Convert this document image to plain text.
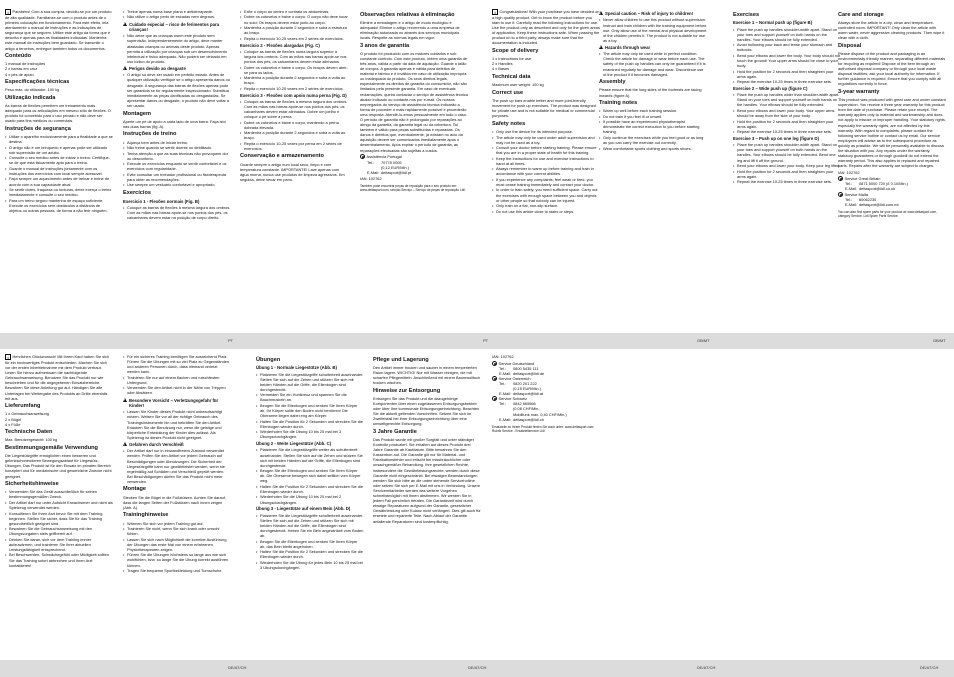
i Parabéns! Com a sua compra, decidiu-se por um produto de alta qualidade. Familiarize-se com o produto antes de o primeiro colocação em funcionamento. Para este efeito, leia atentamente o manual de instruções e as indicações de segurança que se seguem. Utilize este artigo da forma que é descrita e apenas para as finalidades indicadas. Mantenha este manual de instruções bem guardado. Se transmitir o artigo a terceiros, entregue também todos os documentos.

Conteúdo
1 manual de instruções
2 x barras em cruz
4 x pés de apoio
Especificações técnicas

Peso máx. do utilizador: 100 kg

Utilização indicada

As barras de flexões permitem um treinamento mais adequado para os articulações em mesmo sítio de flexões. O produto foi concebido para o uso privado e não deve ser usado para fins médicos ou comerciais.

Instruções de segurança
• Utilize o aparelho exclusivamente para a finalidade a que se destina.
• O artigo não é um brinquedo e apenas pode ser utilizado sob supervisão de um adulto.
• Consulte o seu médico antes de iniciar o treino. Certifique-se de que está fisicamente apto para o treino.
• Guarde o manual de instruções juntamente com os instruções dos exercícios com local sempre acessível.
• Faça sempre um aquecimento antes de treinar e treine de acordo com a sua capacidade atual.
• Se sentir dores, fraqueza ou tonturas, deixe exerça o treino imediatamente e consulte o seu médico.
• Para um treino seguro mantenha de espaço suficiente. Execute os exercícios sem obstáculos à distância de objetos ou outras pessoas, de forma a não ferir ninguém.
• Treine apenas numa base plana e antiderrapante.
• Não utilize o artigo perto de escadas nem degraus.
!
Cuidado especial – risco de ferimentos para crianças!
• Não deixe que as crianças usem este produto sem supervisão. Independentemente do artigo, deve manter afastadas crianças ou animais deste produto. Apenas permita a utilização por crianças sob um desenvolvimento intelectual e físico adequado. Não poderá ser deixado em uso lúdico do produto.
!
Perigos devido ao desgaste
• O artigo só deve ser usado em perfeito estado. Antes de qualquer utilização verifique se o artigo apresenta danos ou desgaste. A segurança das barras de flexões apenas pode ser garantida se for regularmente inspeccionado. Substitua imediatamente as peças danificadas ou desgastadas. Se apresentar danos ou desgaste, o produto não deve voltar a ser usado.
Montagem

Aperte um pé de apoio a cada lado de uma barra. Faça isto nas duas barras (fig. A).

Instruções de treino
• Aqueça bem antes de iniciar treino.
• Não treine quando se sentir doente ou debilitado.
• Tenha atenção a que as suas técnicas não provoquem dor ou desconforto.
• Execute os exercícios enquanto se sentir confortável e os exercícios com regularidade.
• Evite consultar um treinador profissional ou fisioterapeuta para obter as recomendações.
• Use sempre um vestuário confortável e apropriado.
Exercícios
Exercício 1 - Flexões normais (Fig. B)
• Coloque as barras de flexões à mesma largura dos ombros. Com as mãos nas barras apoie-se nos pontos dos pés, os calcanhares devem estar na posição de corpo direito.
• Exite o corpo ao centro e contraia os abdominais.
• Dobre os cotovelos e baixe o corpo. O corpo não deve tocar no solo! Os braços devem estar junto ao corpo.
• Mantenha a posição durante 2 segundos e suba a estrutura ao braço.
• Repita o exercício 10-25 vezes em 2 séries de exercícios.
Exercício 2 - Flexões alargadas (Fig. C)
• Coloque as barras de flexões numa largura superior à largura dos ombros. Com as mãos nas barras apoie-se nos pontos dos pés, os calcanhares devem estar alinhados.
• Dobre os cotovelos e baixe o corpo. Os braços devem abrir-se para os lados.
• Mantenha a posição durante 2 segundos e suba a volta ao braço.
• Repita o exercício 10-25 vezes em 2 séries de exercícios.
Exercício 3 - Flexões com apoio numa perna (Fig. D)
• Coloque as barras de flexões à mesma largura dos ombros. Com as mãos nas barras apoie-se nos pontos dos pés, os calcanhares devem estar alinhados. Dobre um joelho e coloque o pé sobre a perna.
• Dobre os cotovelos e baixe o corpo, mantendo a perna dobrada elevada.
• Mantenha a posição durante 2 segundos e suba a volta ao braço.
• Repita o exercício 10-25 vezes por perna em 2 séries de exercícios.
Conservação e armazenamento

Guarde sempre o artigo num local seco, limpo e com temperatura constante. IMPORTANTE! Lave apenas com água morna, nunca use produtos de limpeza agressivos. Em seguida, deixe secar em pano.

Observações relativas à eliminação

Elimine a embalagem e o artigo de modo ecológico e adequado! Elimine o artigo recorrendo a uma empresa de eliminação autorizada ou através dos serviços municipais locais. Respeite as normas legais em vigor.

3 anos de garantia

O produto foi produzido com os maiores cuidados e sob constante controlo. Com este produto, obtém uma garantia de três anos, válida a partir da data de aquisição. Guarde o talão de compra. A garantia apenas é válida para defeitos de material e fabrico e é inválida em caso de utilização imprópria ou inadequada do produto. Os seus direitos legais, especialmente os direitos de garantia do consumidor, não são limitados pela presente garantia. Em caso de eventuais reclamações, queira contactar o serviço de assistência técnica abaixo indicado ou contacte-nos por e-mail. Os nossos empregados do serviço de assistência técnica indicarão a forma de proceder o mais rapidamente possível e procederão uma resposta. Atendê-lo-emos pessoalmente em todo o caso. O período de garantia não é prolongado por reparações ao abrigo da garantia, da garantia legal ou da cobertura. Tal também é válido para peças substituídas e reparadas. Os danos e defeitos que, eventualmente, já existam no acto da aquisição devem ser comunicados imediatamente após o desembalamento. Após expirar o período de garantia, as reparações efectuadas são sujeitas a custos.

Assistência Portugal
Tel.:	70778 0005
(0,12 EUR/Min.)
E-Mail: deltasport@lidl.pt
IAN: 102762

Também pode encontrar peças de reposição para o seu produto em: www.deltasport.com, secção Serviço – Serviço de peças de reposição Lidl.

i Congratulations! With your purchase you have decided on a high quality product. Get to know the product before you start to use it. Carefully read the following instructions for use. Use the product only as described and only for the given areas of application. Keep these instructions safe. When passing the product on to a third party, always make sure that the documentation is included.

Scope of delivery
1 x Instructions for use
2 x Handles
4 x Bases
Technical data

Maximum user weight: 100 kg

Correct use

The push up bars enable better and more joint-friendly movement for push up exercises. The product was designed for private use and is not suitable for medical or commercial purposes.

Safety notes
• Only use the device for its intended purpose.
• The article may only be used under adult supervision and may not be used as a toy.
• Consult your doctor before starting training. Please ensure that you are in a proper state of health for this training.
• Keep the instructions for use and exercise instructions to hand at all times.
• Always remember to warm up before training and train in accordance with your current abilities.
• If you experience any complaints, feel weak or tired, you must cease training immediately and contact your doctor.
• In order to train safely, you need sufficient space. Carry out the exercises with enough space between you and objects or other people so that nobody can be injured.
• Only train on a flat, non-slip surface.
• Do not use this article close to stairs or steps.
!
Special caution – Risk of injury to children!
• Never allow children to use this product without supervision. Instruct and train children with the training equipment before use. Only allow use of the mental and physical development of the children permits it. The product is not suitable for use as a toy.
!
Hazards through wear
• The article may only be used while in perfect condition. Check the article for damage or wear before each use. The safety of the push up handles can only be guaranteed if it is examined regularly for damage and wear. Discontinue use of the product if it becomes damaged.
Assembly

Please ensure that the long sides of the footrests are facing inwards (figure A).

Training notes
• Warm up well before each training session.
• Do not train if you feel ill or unwell.
• If possible have an experienced physiotherapist demonstrate the correct execution to you before starting training.
• Only continue the exercises while you feel good or as long as you can carry the exercise out correctly.
• Wear comfortable sports clothing and sports shoes.
Exercises
Exercise 1 – Normal push up (figure B)
• Place the push up handles shoulder-width apart. Stand on your toes and support yourself on both hands on the handles. Your elbows should be fully extended.
• Avoid hollowing your back and tense your stomach and buttocks.
• Bend your elbows and lower the body. Your body should not touch the ground! Your upper arms should be close to your body.
• Hold the position for 2 seconds and then straighten your arms again.
• Repeat the exercise 10-25 times in three exercise sets.
Exercise 2 – Wide push up (figure C)
• Place the push up handles wider than shoulder-width apart. Stand on your toes and support yourself on both hands on the handles. Your elbows should be fully extended.
• Bend your elbows and lower your body. Your upper arms should be away from the side of your body.
• Hold the position for 2 seconds and then straighten your arms again.
• Repeat the exercise 10-25 times in three exercise sets.
Exercise 3 – Push up on one leg (figure D)
• Place the push up handles shoulder-width apart. Stand on your toes and support yourself on both hands on the handles. Your elbows should be fully extended. Bend one leg and lift it off the ground.
• Bend your elbows and lower your body. Keep your leg lifted.
• Hold the position for 2 seconds and then straighten your arms again.
• Repeat the exercise 10-25 times in three exercise sets.
Care and storage

Always store the article in a dry, clean and temperature-controlled room. IMPORTANT! Only clean the article with warm water, never aggressive cleaning products. Then wipe it clean with a cloth.

Disposal

Please dispose of the product and packaging in an environmentally friendly manner, separating different materials for recycling as required! Dispose of the item through an authorised disposal company or through your local waste disposal facilities; ask your local authority for information. If further guidance is required, Ensure that you comply with all regulations currently in force.

3-year warranty

This product was produced with great care and under constant supervision. You receive a three year warranty for this product from the date of purchase. Please retain your receipt. The warranty applies only to material and workmanship and does not apply to misuse or improper handling. Your statutory rights, especially the warranty rights, are not affected by this warranty. With regard to complaints, please contact the following service hotline or contact us by email. Our service employees will advise as to the subsequent procedure as quickly as possible. We will be personally available to discuss the situation with you. Any repairs under the warranty, statutory guarantees or through goodwill do not extend the warranty period. This also applies to replaced and repaired parts. Repairs after the warranty are subject to charges.

IAN: 102762
Service Great Britain
Tel.:	0871 5000 720 (£ 0.10/Min.)
E-Mail: deltasport@lidl.co.uk
Service Malta
Tel.:	80062230
E-Mail: deltasport@lidl.com.mt

You can also find spare parts for your product at: www.deltasport.com, category Service. Lidl Spare Parts Service.

PT	PT	GB/MT	GB/MT

i Herzlichen Glückwunsch! Mit Ihrem Kauf haben Sie sich für ein hochwertiges Produkt entschieden. Machen Sie sich vor der ersten Inbetriebnahme mit dem Produkt vertraut. Lesen Sie hierzu aufmerksam die nachfolgende Gebrauchsanweisung. Benutzen Sie das Produkt nur wie beschrieben und für die angegebenen Einsatzbereiche. Bewahren Sie diese Anleitung gut auf. Händigen Sie alle Unterlagen bei Weitergabe des Produkts an Dritte ebenfalls mit aus.

Lieferumfang
1 x Gebrauchsanweisung
2 x Bügel
4 x Füße
Technische Daten

Max. Benutzergewicht: 100 kg

Bestimmungsgemäße Verwendung

Die Liegestützgriffe ermöglichen einen besseren und gelenkschonenderen Bewegungsablauf für Liegestütz-Übungen. Das Produkt ist für den Einsatz im privaten Bereich konzipiert und für medizinische und gewerbliche Zwecke nicht geeignet.

Sicherheitshinweise
• Verwenden Sie das Gerät ausschließlich für seinen bestimmungsgemäßen Zweck.
• Der Artikel darf nur unter Aufsicht Erwachsener und nicht als Spielzeug verwendet werden.
• Konsultieren Sie Ihren Arzt bevor Sie mit dem Training beginnen. Stellen Sie sicher, dass Sie für das Training gesundheitlich geeignet sind.
• Bewahren Sie die Gebrauchsanweisung mit den Übungsvorgaben stets griffbereit auf.
• Denken Sie daran, sich vor dem Training immer aufzuwärmen, und trainieren Sie Ihrer aktuellen Leistungsfähigkeit entsprechend.
• Bei Beschwerden, Schwächegefühl oder Müdigkeit sollten Sie das Training sofort abbrechen und Ihren Arzt kontaktieren!
• Für ein sicheres Training benötigen Sie ausreichend Platz. Führen Sie die Übungen mit so viel Platz zu Gegenständen und anderen Personen durch, dass niemand verletzt werden kann.
• Trainieren Sie nur auf einem flachen und rutschfesten Untergrund.
• Verwenden Sie den Artikel nicht in der Nähe von Treppen oder Absätzen.
!
Besondere Vorsicht – Verletzungsgefahr für Kinder!
• Lassen Sie Kinder dieses Produkt nicht unbeaufsichtigt nutzen. Weisen Sie vor all der richtige Gebrauch des Trainingsinstrumente hin und bekräften Sie den Artikel. Erlauben Sie die Benutzung nur, wenn die geistige und körperliche Entwicklung der Kinder dies zulässt. Als Spielzeug ist dieses Produkt nicht geeignet.
!
Gefahren durch Verschleiß
• Der Artikel darf nur in einwandfreiem Zustand verwendet werden. Prüfen Sie den Artikel vor jedem Gebrauch auf Beschädigungen oder Abnutzungen. Die Sicherheit der Liegestützgriffe kann nur gewährleistet werden, wenn sie regelmäßig auf Schäden und Verschleiß geprüft werden. Bei Beschädigungen dürfen Sie das Produkt nicht mehr verwenden.
Montage

Stecken Sie die Bügel in die Fußstützen. Achten Sie darauf, dass die langen Seiten der Fußstützen nach innen zeigen (Abb. A).

Traininghinweise
• Wärmen Sie sich vor jedem Training gut auf.
• Trainieren Sie nicht, wenn Sie sich krank oder unwohl fühlen.
• Lassen Sie sich nach Möglichkeit die korrekte Ausführung der Übungen das erste Mal von einem erfahrenen Physiotherapeuten zeigen.
• Führen Sie die Übungen höchstens so lange aus wie sich wohlfühlen, bzw. so lange Sie die Übung korrekt ausführen können.
• Tragen Sie bequeme Sportbekleidung und Turnschuhe.
Übungen
Übung 1 - Normale Liegestütze (Abb. B)
• Platzieren Sie die Liegestützgriffe schulterbreit auseinander. Stellen Sie sich auf die Zehen und stützen Sie sich mit beiden Händen auf die Griffe, die Ellenbogen sind durchgestreckt.
• Vermeiden Sie ein Hohlkreuz und spannen Sie die Bauchmuskeln an.
• Beugen Sie die Ellenbogen und senken Sie Ihren Körper ab. Ihr Körper sollte den Boden nicht berühren! Die Oberarme liegen dabei eng am Körper.
• Halten Sie die Position für 2 Sekunden und strecken Sie die Ellenbogen wieder durch.
• Wiederholen Sie die Übung 10 bis 25 mal bei 3 Übungsdurchgängen.
Übung 2 - Weite Liegestütze (Abb. C)
• Platzieren Sie die Liegestützgriffe weiter als schulterbreit auseinander. Stellen Sie sich auf die Zehen und stützen Sie sich mit beiden Händen auf die Griffe, die Ellenbogen sind durchgestreckt.
• Beugen Sie die Ellenbogen und senken Sie Ihren Körper ab. Die Oberarme bewegen sich dabei seitlich vom Körper weg.
• Halten Sie die Position für 2 Sekunden und strecken Sie die Ellenbogen wieder durch.
• Wiederholen Sie die Übung 10 bis 25 mal bei 2 Übungsdurchgängen.
Übung 3 - Liegestütze auf einem Bein (Abb. D)
• Platzieren Sie die Liegestützgriffe schulterbreit auseinander. Stellen Sie sich auf die Zehen und stützen Sie sich mit beiden Händen auf die Griffe, die Ellenbogen sind durchgestreckt. Heben Sie ein Bein angewinkelt vom Boden ab.
• Beugen Sie die Ellenbogen und senken Sie Ihren Körper ab, das Bein bleibt angehoben.
• Halten Sie die Position für 2 Sekunden und strecken Sie die Ellenbogen wieder durch.
• Wiederholen Sie die Übung für jedes Bein 10 bis 25 mal bei 3 Übungsdurchgängen.
Pflege und Lagerung

Den Artikel immer trocken und sauber in einem temperierten Raum lagern. WICHTIG! Nur mit Wasser reinigen, nie mit scharfen Pflegemitteln. Anschließend mit einem Baumwolltuch trocken wischen.

Hinweise zur Entsorgung

Entsorgen Sie das Produkt und die dazugehörige Komponenten über einen zugelassenen Entsorgungsbetrieb oder über Ihre kommunale Entsorgungseinrichtung. Beachten Sie die aktuell geltenden Vorschriften. Setzen Sie sich im Zweifelsfall bei Ihrer Entsorgungseinrichtung über eine umweltgerechte Entsorgung.

3 Jahre Garantie

Das Produkt wurde mit großer Sorgfalt und unter ständiger Kontrolle produziert. Sie erhalten auf dieses Produkt drei Jahre Garantie ab Kaufdatum. Bitte bewahren Sie den Kassenbon auf. Die Garantie gilt nur für Material- und Fabrikationsfehler und erlischt bei missbräuchlicher oder unsachgemäßer Behandlung. Ihre gesetzlichen Rechte, insbesondere die Gewährleistungsrechte, werden durch diese Garantie nicht eingeschränkt. Bei etwaigen Beanstandungen wenden Sie sich bitte an die unten stehende Servicehotline oder setzen Sie sich per E-Mail mit uns in Verbindung. Unsere Servicemitarbeiter werden das weitere Vorgehen schnellstmöglich mit Ihnen abstimmen. Wir werden Sie in jedem Fall persönlich beraten. Die Garantiezeit wird durch etwaige Reparaturen aufgrund der Garantie, gesetzlicher Gewährleistung oder Kulanz nicht verlängert. Dies gilt auch für ersetzte und reparierte Teile. Nach Ablauf der Garantie anfallende Reparaturen sind kostenpflichtig.

IAN: 102762
Service Deutschland
Tel.:	0800 5435 111
E-Mail: deltasport@lidl.de
Service Österreich
Tel.:	0820 201 222
(0,15 EUR/Min.)
E-Mail: deltasport@lidl.at
Service Schweiz
Tel.:	0842 665566
(0,08 CHF/Min.,
Mobilfunk max. 0,40 CHF/Min.)
E-Mail: deltasport@lidl.ch

Ersatzteile zu Ihrem Produkt finden Sie auch unter: www.deltasport.com, Rubrik Service - Ersatzteilservice Lidl

DE/AT/CH	DE/AT/CH	DE/AT/CH	DE/AT/CH
